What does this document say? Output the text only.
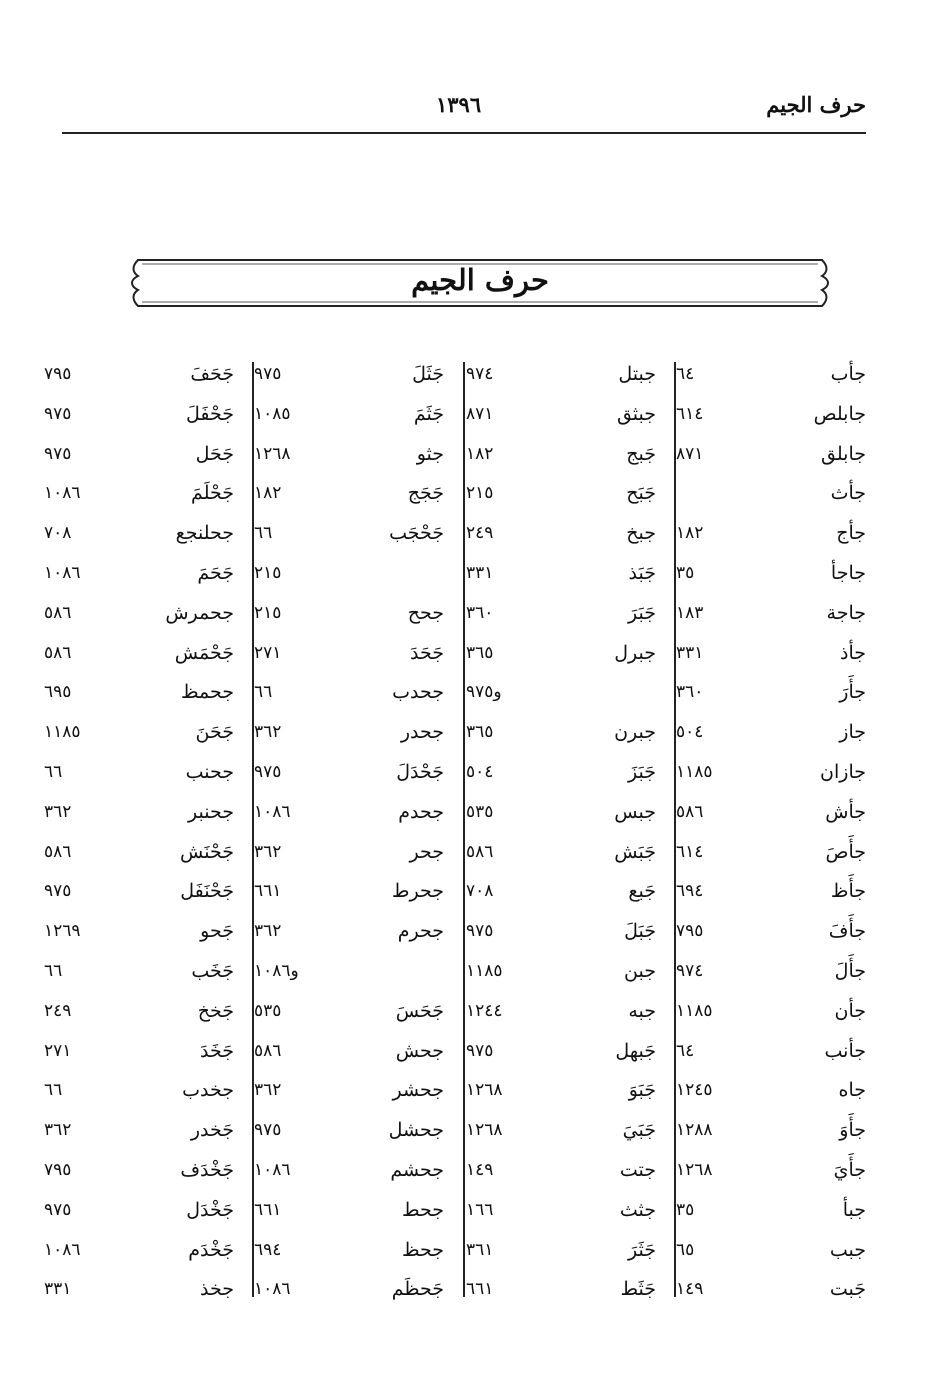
حرف الجيم
١٣٩٦
حرف الجيم
جأب
٦٤
جابلص
٦١٤
جابلق
٨٧١
جأث
جأج
١٨٢
جاجأ
٣٥
جاجة
١٨٣
جأذ
٣٣١
جأَرَ
٣٦٠
جاز
٥٠٤
جازان
١١٨٥
جأش
٥٨٦
جأَصَ
٦١٤
جأَظ
٦٩٤
جأَفَ
٧٩٥
جأَلَ
٩٧٤
جأن
١١٨٥
جأنب
٦٤
جاه
١٢٤٥
جأَوَ
١٢٨٨
جأَيَ
١٢٦٨
جبأ
٣٥
جبب
٦٥
جَبت
١٤٩
جبتل
٩٧٤
جبثق
٨٧١
جَبج
١٨٢
جَبَح
٢١٥
جبخ
٢٤٩
جَبَذ
٣٣١
جَبَرَ
٣٦٠
جبرل
٣٦٥
و٩٧٥
جبرن
٣٦٥
جَبَزَ
٥٠٤
جبس
٥٣٥
جَبَش
٥٨٦
جَبع
٧٠٨
جَبَلَ
٩٧٥
جبن
١١٨٥
جبه
١٢٤٤
جَبهل
٩٧٥
جَبَوَ
١٢٦٨
جَبَيَ
١٢٦٨
جتت
١٤٩
جثث
١٦٦
جَثَرَ
٣٦١
جَثَط
٦٦١
جَثَلَ
٩٧٥
جَثَمَ
١٠٨٥
جثو
١٢٦٨
جَجَج
١٨٢
جَحْجَب
٦٦
٢١٥
جحح
٢١٥
جَحَدَ
٢٧١
جحدب
٦٦
جحدر
٣٦٢
جَحْدَلَ
٩٧٥
جحدم
١٠٨٦
جحر
٣٦٢
جحرط
٦٦١
جحرم
٣٦٢
و١٠٨٦
جَحَسَ
٥٣٥
جحش
٥٨٦
جحشر
٣٦٢
جحشل
٩٧٥
جحشم
١٠٨٦
جحط
٦٦١
جحظ
٦٩٤
جَحظَم
١٠٨٦
جَحَفَ
٧٩٥
جَحْفَلَ
٩٧٥
جَحَل
٩٧٥
جَحْلَمَ
١٠٨٦
جحلنجع
٧٠٨
جَحَمَ
١٠٨٦
جحمرش
٥٨٦
جَحْمَش
٥٨٦
جحمظ
٦٩٥
جَحَنَ
١١٨٥
جحنب
٦٦
جحنبر
٣٦٢
جَحْنَش
٥٨٦
جَحْنَفَل
٩٧٥
جَحو
١٢٦٩
جَخَب
٦٦
جَخخ
٢٤٩
جَخَدَ
٢٧١
جخدب
٦٦
جَخدر
٣٦٢
جَخْدَف
٧٩٥
جَخْدَل
٩٧٥
جَخْدَم
١٠٨٦
جخذ
٣٣١
